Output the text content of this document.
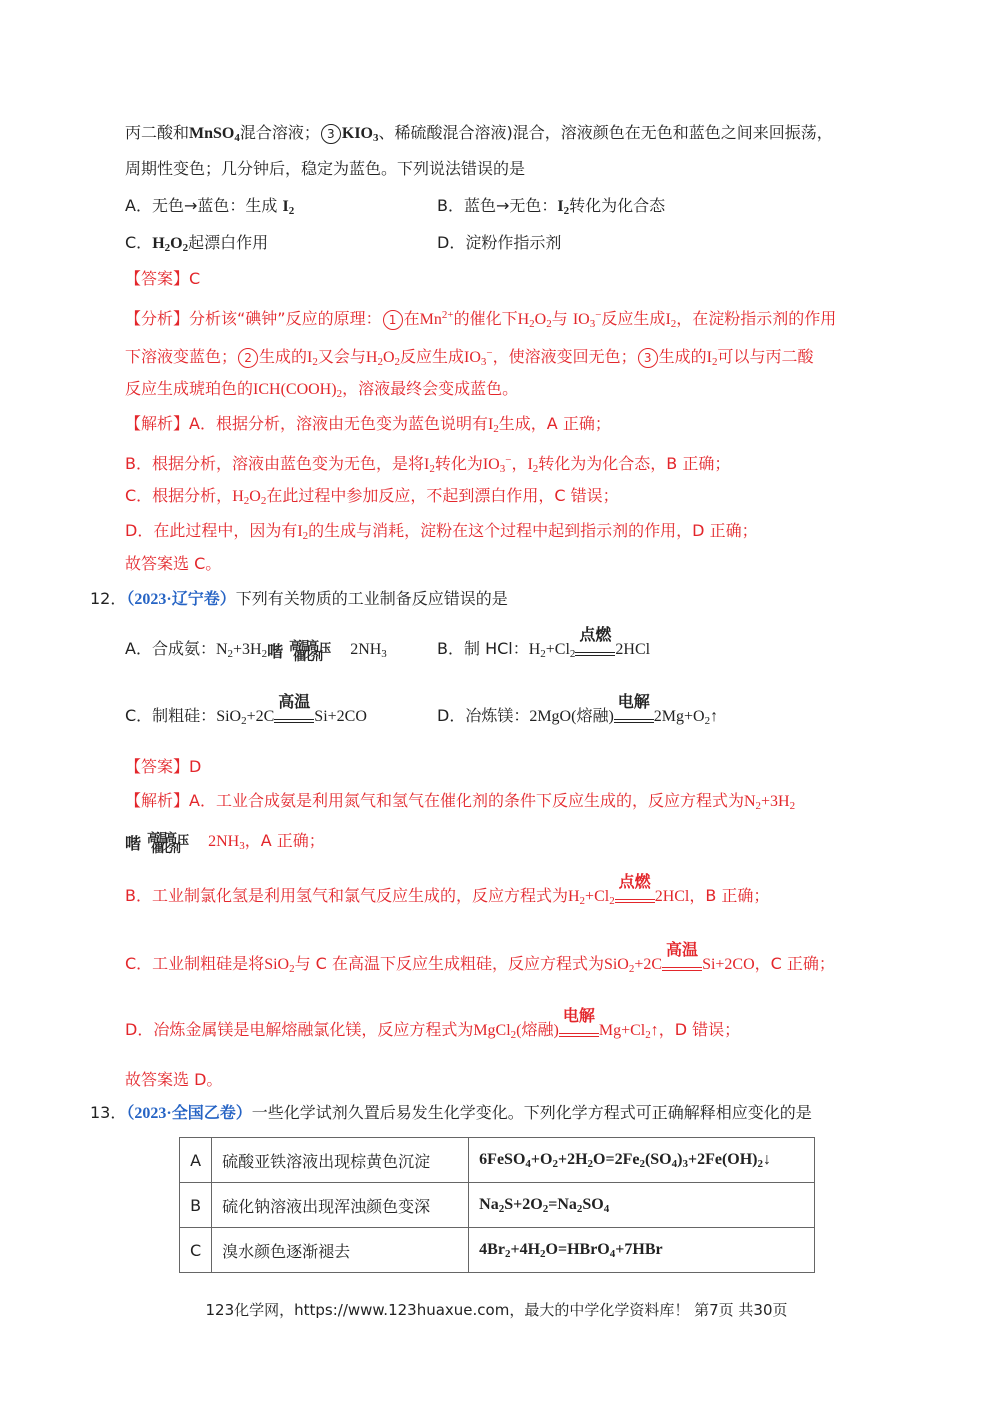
丙二酸和MnSO$_4$混合溶液； 3 $KIO_3$、稀硫酸混合溶液)混合，溶液颜色在无色和蓝色之间来回振荡，
周期性变色；几分钟后，稳定为蓝色。下列说法错误的是
A．无色→蓝色：生成 $I_2$	B．蓝色→无色：$I_2$转化为化合态
C．$H_2O_2$起漂白作用	D．淀粉作指示剂
【答案】C
【分析】分析该“碘钟”反应的原理： 1 在$Mn^{2+}$的催化下$H_2O_2$与 $IO_3^-$反应生成$I_2$，在淀粉指示剂的作用
下溶液变蓝色； 2 生成的$I_2$又会与$H_2O_2$反应生成$IO_3^-$，使溶液变回无色； 3 生成的$I_2$可以与丙二酸
反应生成琥珀色的$ICH(COOH)_2$，溶液最终会变成蓝色。
【解析】A．根据分析，溶液由无色变为蓝色说明有$I_2$生成，A 正确；
B．根据分析，溶液由蓝色变为无色，是将$I_2$转化为$IO_3^-$，$I_2$转化为为化合态，B 正确；
C．根据分析，$H_2O_2$在此过程中参加反应，不起到漂白作用，C 错误；
D．在此过程中，因为有$I_2$的生成与消耗，淀粉在这个过程中起到指示剂的作用，D 正确；
故答案选 C。
12．（2023·辽宁卷）下列有关物质的工业制备反应错误的是
A．合成氨：$N_2+3H_2$ 喈 高温高
催化剂
压 $2NH_3$	B．制 HCl：$H_2+Cl_2$
点燃
2HCl
C．制粗硅：SiO$_2$+2C
高温
Si+2CO	D．冶炼镁：2MgO(熔融)
电解
$2Mg+O_2↑$
【答案】D
【解析】A．工业合成氨是利用氮气和氢气在催化剂的条件下反应生成的，反应方程式为$N_2+3H_2$
喈 高温高
催化剂
压 $2NH_3$，A 正确；
B．工业制氯化氢是利用氢气和氯气反应生成的，反应方程式为$H_2+Cl_2$
点燃
2HCl，B 正确；
C．工业制粗硅是将SiO$_2$与 C 在高温下反应生成粗硅，反应方程式为SiO$_2$+2C
高温
Si+2CO，C 正确；
D．冶炼金属镁是电解熔融氯化镁，反应方程式为MgCl$_2$(熔融)
电解
$Mg+Cl_2↑$，D 错误；
故答案选 D。
13．（2023·全国乙卷）一些化学试剂久置后易发生化学变化。下列化学方程式可正确解释相应变化的是
A	硫酸亚铁溶液出现棕黄色沉淀	$6FeSO_4+O_2+2H_2O=2Fe_2(SO_4)_3+2Fe(OH)_2↓$
B	硫化钠溶液出现浑浊颜色变深	$Na_2S+2O_2=Na_2SO_4$
C	溴水颜色逐渐褪去	$4Br_2+4H_2O=HBrO_4+7HBr$
123化学网，https://www.123huaxue.com，最大的中学化学资料库！ 第7页 共30页
